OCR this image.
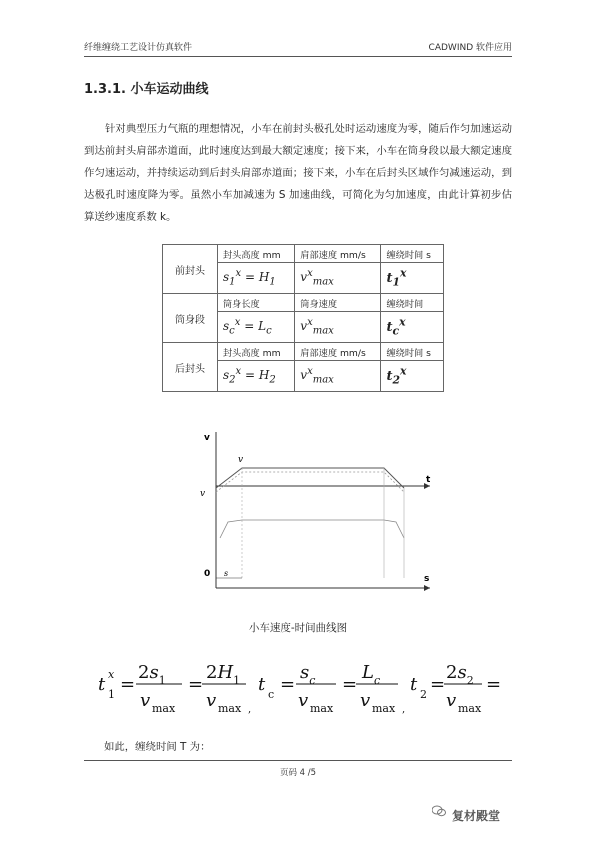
纤维缠绕工艺设计仿真软件	CADWIND 软件应用
1.3.1. 小车运动曲线
针对典型压力气瓶的理想情况，小车在前封头极孔处时运动速度为零，随后作匀加速运动到达前封头肩部赤道面，此时速度达到最大额定速度；接下来，小车在筒身段以最大额定速度作匀速运动，并持续运动到后封头肩部赤道面；接下来，小车在后封头区域作匀减速运动，到达极孔时速度降为零。虽然小车加减速为 S 加速曲线，可简化为匀加速度，由此计算初步估算送纱速度系数 k。
前封头	封头高度 mm	肩部速度 mm/s	缠绕时间 s
	$s_1^x = H_1$	$v^x_{max}$	$t_1^x$
筒身段	筒身长度	筒身速度	缠绕时间
	$s_c^x = L_c$	$v^x_{max}$	$t_c^x$
后封头	封头高度 mm	肩部速度 mm/s	缠绕时间 s
	$s_2^x = H_2$	$v^x_{max}$	$t_2^x$
v
t
s
0
v
v
s
小车速度-时间曲线图
t 1
x =
$2s_1$
v max
=
$2H_1$
v max ,
t c =
$s_c$
v max
=
$L_c$
v max ,
t 2 =
$2s_2$
v max
=
如此，缠绕时间 T 为：
页码 4 /5
复材殿堂
